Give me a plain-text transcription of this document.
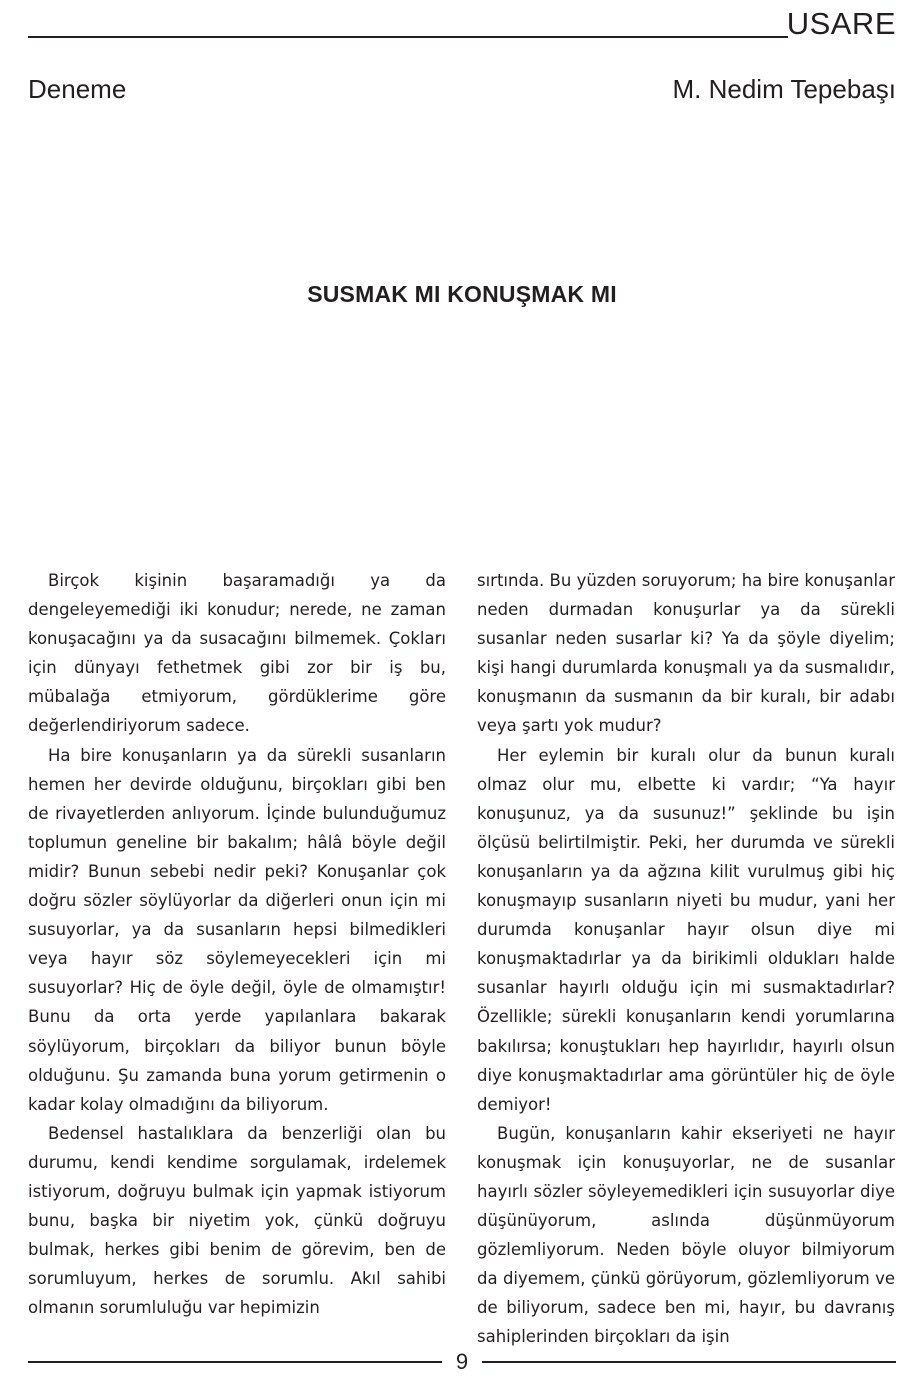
USARE
Deneme	M. Nedim Tepebaşı
SUSMAK MI KONUŞMAK MI

Birçok kişinin başaramadığı ya da dengeleyemediği iki konudur; nerede, ne zaman konuşacağını ya da susacağını bilmemek. Çokları için dünyayı fethetmek gibi zor bir iş bu, mübalağa etmiyorum, gördüklerime göre değerlendiriyorum sadece.

Ha bire konuşanların ya da sürekli susanların hemen her devirde olduğunu, birçokları gibi ben de rivayetlerden anlıyorum. İçinde bulunduğumuz toplumun geneline bir bakalım; hâlâ böyle değil midir? Bunun sebebi nedir peki? Konuşanlar çok doğru sözler söylüyorlar da diğerleri onun için mi susuyorlar, ya da susanların hepsi bilmedikleri veya hayır söz söylemeyecekleri için mi susuyorlar? Hiç de öyle değil, öyle de olmamıştır! Bunu da orta yerde yapılanlara bakarak söylüyorum, birçokları da biliyor bunun böyle olduğunu. Şu zamanda buna yorum getirmenin o kadar kolay olmadığını da biliyorum.

Bedensel hastalıklara da benzerliği olan bu durumu, kendi kendime sorgulamak, irdelemek istiyorum, doğruyu bulmak için yapmak istiyorum bunu, başka bir niyetim yok, çünkü doğruyu bulmak, herkes gibi benim de görevim, ben de sorumluyum, herkes de sorumlu. Akıl sahibi olmanın sorumluluğu var hepimizin

sırtında. Bu yüzden soruyorum; ha bire konuşanlar neden durmadan konuşurlar ya da sürekli susanlar neden susarlar ki? Ya da şöyle diyelim; kişi hangi durumlarda konuşmalı ya da susmalıdır, konuşmanın da susmanın da bir kuralı, bir adabı veya şartı yok mudur?

Her eylemin bir kuralı olur da bunun kuralı olmaz olur mu, elbette ki vardır; “Ya hayır konuşunuz, ya da susunuz!” şeklinde bu işin ölçüsü belirtilmiştir. Peki, her durumda ve sürekli konuşanların ya da ağzına kilit vurulmuş gibi hiç konuşmayıp susanların niyeti bu mudur, yani her durumda konuşanlar hayır olsun diye mi konuşmaktadırlar ya da birikimli oldukları halde susanlar hayırlı olduğu için mi susmaktadırlar? Özellikle; sürekli konuşanların kendi yorumlarına bakılırsa; konuştukları hep hayırlıdır, hayırlı olsun diye konuşmaktadırlar ama görüntüler hiç de öyle demiyor!

Bugün, konuşanların kahir ekseriyeti ne hayır konuşmak için konuşuyorlar, ne de susanlar hayırlı sözler söyleyemedikleri için susuyorlar diye düşünüyorum, aslında düşünmüyorum gözlemliyorum. Neden böyle oluyor bilmiyorum da diyemem, çünkü görüyorum, gözlemliyorum ve de biliyorum, sadece ben mi, hayır, bu davranış sahiplerinden birçokları da işin

9
